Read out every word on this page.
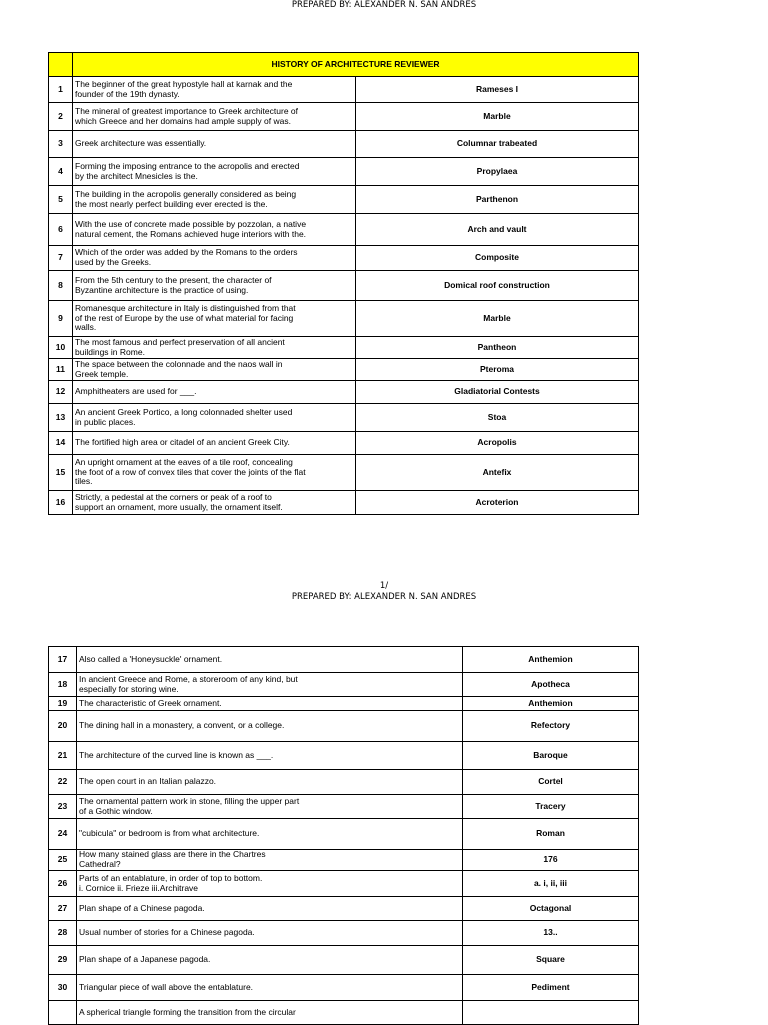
PREPARED BY: ALEXANDER N. SAN ANDRES
	HISTORY OF ARCHITECTURE REVIEWER	
1	The beginner of the great hypostyle hall at karnak and the
founder of the 19th dynasty.	Rameses I
2	The mineral of greatest importance to Greek architecture of
which Greece and her domains had ample supply of was.	Marble
3	Greek architecture was essentially.	Columnar trabeated
4	Forming the imposing entrance to the acropolis and erected
by the architect Mnesicles is the.	Propylaea
5	The building in the acropolis generally considered as being
the most nearly perfect building ever erected is the.	Parthenon
6	With the use of concrete made possible by pozzolan, a native
natural cement, the Romans achieved huge interiors with the.	Arch and vault
7	Which of the order was added by the Romans to the orders
used by the Greeks.	Composite
8	From the 5th century to the present, the character of
Byzantine architecture is the practice of using.	Domical roof construction
9	Romanesque architecture in Italy is distinguished from that
of the rest of Europe by the use of what material for facing
walls.	Marble
10	The most famous and perfect preservation of all ancient
buildings in Rome.	Pantheon
11	The space between the colonnade and the naos wall in
Greek temple.	Pteroma
12	Amphitheaters are used for ___.	Gladiatorial Contests
13	An ancient Greek Portico, a long colonnaded shelter used
in public places.	Stoa
14	The fortified high area or citadel of an ancient Greek City.	Acropolis
15	An upright ornament at the eaves of a tile roof, concealing
the foot of a row of convex tiles that cover the joints of the flat
tiles.	Antefix
16	Strictly, a pedestal at the corners or peak of a roof to
support an ornament, more usually, the ornament itself.	Acroterion
1/
PREPARED BY: ALEXANDER N. SAN ANDRES
17	Also called a 'Honeysuckle' ornament.	Anthemion
18	In ancient Greece and Rome, a storeroom of any kind, but
especially for storing wine.	Apotheca
19	The characteristic of Greek ornament.	Anthemion
20	The dining hall in a monastery, a convent, or a college.	Refectory
21	The architecture of the curved line is known as ___.	Baroque
22	The open court in an Italian palazzo.	Cortel
23	The ornamental pattern work in stone, filling the upper part
of a Gothic window.	Tracery
24	"cubicula" or bedroom is from what architecture.	Roman
25	How many stained glass are there in the Chartres
Cathedral?	176
26	Parts of an entablature, in order of top to bottom.
i. Cornice ii. Frieze iii.Architrave	a. i, ii, iii
27	Plan shape of a Chinese pagoda.	Octagonal
28	Usual number of stories for a Chinese pagoda.	13..
29	Plan shape of a Japanese pagoda.	Square
30	Triangular piece of wall above the entablature.	Pediment

	A spherical triangle forming the transition from the circular	
